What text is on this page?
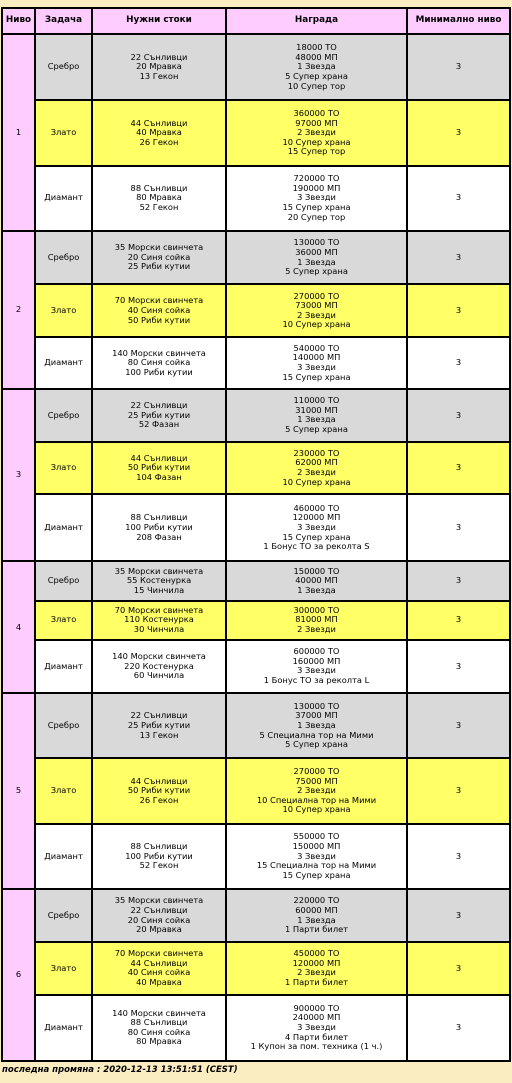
Ниво	Задача	Нужни стоки	Награда	Минимално ниво
1	Сребро	22 Сънливци
20 Мравка
13 Гекон	18000 ТО
48000 МП
1 Звезда
5 Супер храна
10 Супер тор	3
	Злато	44 Сънливци
40 Мравка
26 Гекон	360000 ТО
97000 МП
2 Звезди
10 Супер храна
15 Супер тор	3
	Диамант	88 Сънливци
80 Мравка
52 Гекон	720000 ТО
190000 МП
3 Звезди
15 Супер храна
20 Супер тор	3
2	Сребро	35 Морски свинчета
20 Синя сойка
25 Риби кутии	130000 ТО
36000 МП
1 Звезда
5 Супер храна	3
	Злато	70 Морски свинчета
40 Синя сойка
50 Риби кутии	270000 ТО
73000 МП
2 Звезди
10 Супер храна	3
	Диамант	140 Морски свинчета
80 Синя сойка
100 Риби кутии	540000 ТО
140000 МП
3 Звезди
15 Супер храна	3
3	Сребро	22 Сънливци
25 Риби кутии
52 Фазан	110000 ТО
31000 МП
1 Звезда
5 Супер храна	3
	Злато	44 Сънливци
50 Риби кутии
104 Фазан	230000 ТО
62000 МП
2 Звезди
10 Супер храна	3
	Диамант	88 Сънливци
100 Риби кутии
208 Фазан	460000 ТО
120000 МП
3 Звезди
15 Супер храна
1 Бонус ТО за реколта S	3
4	Сребро	35 Морски свинчета
55 Костенурка
15 Чинчила	150000 ТО
40000 МП
1 Звезда	3
	Злато	70 Морски свинчета
110 Костенурка
30 Чинчила	300000 ТО
81000 МП
2 Звезди	3
	Диамант	140 Морски свинчета
220 Костенурка
60 Чинчила	600000 ТО
160000 МП
3 Звезди
1 Бонус ТО за реколта L	3
5	Сребро	22 Сънливци
25 Риби кутии
13 Гекон	130000 ТО
37000 МП
1 Звезда
5 Специална тор на Мими
5 Супер храна	3
	Злато	44 Сънливци
50 Риби кутии
26 Гекон	270000 ТО
75000 МП
2 Звезди
10 Специална тор на Мими
10 Супер храна	3
	Диамант	88 Сънливци
100 Риби кутии
52 Гекон	550000 ТО
150000 МП
3 Звезди
15 Специална тор на Мими
15 Супер храна	3
6	Сребро	35 Морски свинчета
22 Сънливци
20 Синя сойка
20 Мравка	220000 ТО
60000 МП
1 Звезда
1 Парти билет	3
	Злато	70 Морски свинчета
44 Сънливци
40 Синя сойка
40 Мравка	450000 ТО
120000 МП
2 Звезди
1 Парти билет	3
	Диамант	140 Морски свинчета
88 Сънливци
80 Синя сойка
80 Мравка	900000 ТО
240000 МП
3 Звезди
4 Парти билет
1 Купон за пом. техника (1 ч.)	3
последна промяна : 2020-12-13 13:51:51 (CEST)
